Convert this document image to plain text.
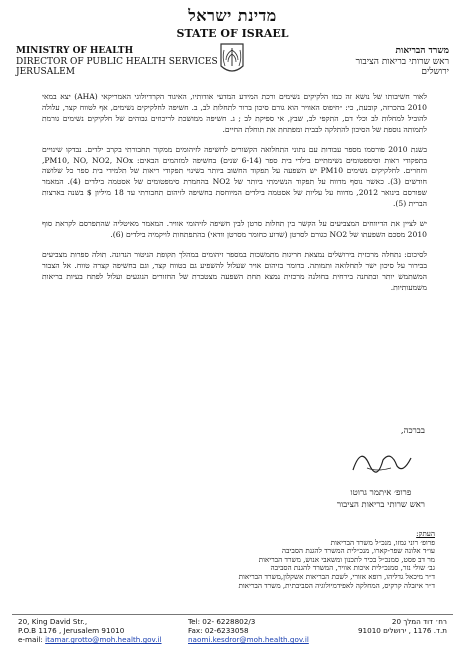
מדינת ישראל
STATE OF ISRAEL
MINISTRY OF HEALTH
DIRECTOR OF PUBLIC HEALTH SERVICES
JERUSALEM
משרד הבריאות
ראש שרותי בריאות הציבור
ירושלים

לאור חשיבותו של נושא זה כמו הלקיקים נשימים ורכת המידע המדעי אודותיו, האיגוד הקרדיולוגי האמריקאי (AHA) יצא במאי 2010 בהכרזה, קובעת, כי: ״חיפוס האוויר הוא גורם סיכון ברור לתחלות לב, ב. חשיפה לחלקיקים נשימים, אף לטווח קצר, עלולה להוביל למחלות לב וכלי דם, התקפי לב, שבץ, אי ספיקת לב ; ג. חשיפה ממושכת לריכוזים גבוהים של חלקיקים נשימים גורמת לתמותה נוספת של הסיכון להתלקה לבבית ומפתחת את תוחלת החיים.

בשנת 2010 פורסמו מספר עבודות עם נתוני התחלואה הקשורים לחשיפה לזיהומים ממקור תחבורתי בקרב ילדים. נבדקו שינויים בתפקודי ראות וסימפטומים נשימתיים בילדי בית ספר (6-14 שנים) בחשיפה למזהמים הבאים: PM10, NO, NO2, NOx, וחחרים. לחלקיקים נשימים PM10 יש השפעה על תפקוד החשוב ביותר בשינוי תפקודי ריאות של תלמידי בית ספר כל שלושה חודשים (3). כאשר נוסף מדווח על תפקוד הנשימתי ביותר של NO2 בהחמרת סימפטומים של אסטמה בילדים (4). המאמר שפורסם בינואר 2012, מדווח על עליות של אסטמה בילדים המיוחסת בחשיפה לזיהום תחבורתי עד 18 מיליון $ בשנה בארצות הברית (5).

יש לציין את הדיווחים המצביעים על הקשר בין תחלות סרטן לבין חשיפה לזיהומי אוויר. המאמר מאיטליה שהתפרסם לקראת סוף 2010 מסכם השפעתו של NO2 כגורם לסרטן (שדוע כחומר מסרטן וודאי) בהתפתחות לויקמיה בילדים (6).

לסיכום: נתחלה מרכזית בירושלים נמצאת חריגות מתמשכות במספר זיהומים במהלך תקופת הניטור הנדונה. תולה ספרות מצביעים בבירור על סיכון ישר לתחלואה ותמותה. בדומר בזיהום אויר שעלול להשפיע גם בטווח קצר, וגם בחשיפה קצרה טווח. אל הצבור המשתמש יותר ובתחנה בירחית בחולנה מרכזית נמצא תחת השפעה מצטברת של החזורים הנוגעים ועלול לפתח בעיות בריאות משמעותיות.

בברכה,
פרופ׳ איתמר גרוטו
ראש שרותי בריאות הציבור
העתק:
פרופ׳ רוני גמזו, מנכ״ל משרד הבריאות
עו״ד אלונה שפר-קארו, מנכ״לית המשרד להגנת הסביבה
מר דב פסט, סמנכ״ל בכיר לתכנון ומשאבי אנוש, משרד הבריאות
גב׳ שולי נזר, סמנכ״לית איכות אוויר, המשרד להגנת הסביבה
ד״ר מיכאל גדליהו, רופא אזורי, לשכת הבריאות אשקלון,משרד הבריאות
ד״ר איזבלה קרקיס, המחלקה לאפידמיולוגיה הסביבתית, משרד הבריאות
20, King David Str.,
P.O.B 1176 , Jerusalem 91010
e-mail: itamar.grotto@moh.health.gov.il
Tel: 02- 6228802/3
Fax: 02-6233058
naomi.kesdror@moh.health.gov.il
רח׳ דוד המלך 20
ת.ד. 1176 , ירושלים 91010
